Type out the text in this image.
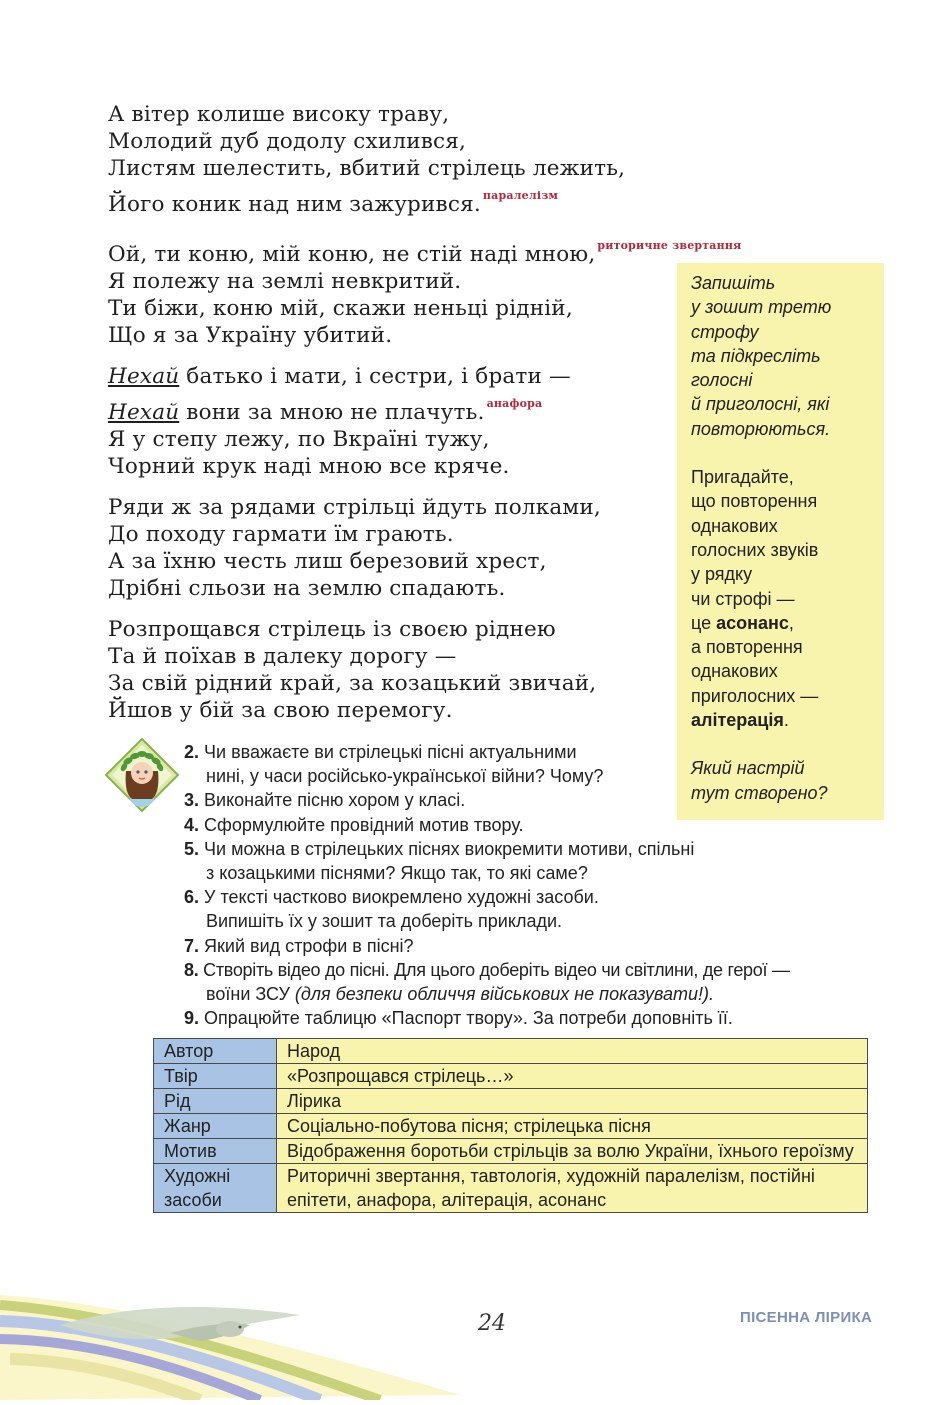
А вітер колише високу траву,
Молодий дуб додолу схилився,
Листям шелестить, вбитий стрілець лежить,
Його коник над ним зажурився. $^{паралелізм}$
Ой, ти коню, мій коню, не стій наді мною, $^{риторичне звертання}$
Я полежу на землі невкритий.
Ти біжи, коню мій, скажи неньці рідній,
Що я за Україну убитий.
Нехай батько і мати, і сестри, і брати —
Нехай вони за мною не плачуть. $^{анафора}$
Я у степу лежу, по Вкраїні тужу,
Чорний крук наді мною все кряче.
Ряди ж за рядами стрільці йдуть полками,
До походу гармати їм грають.
А за їхню честь лиш березовий хрест,
Дрібні сльози на землю спадають.
Розпрощався стрілець із своєю ріднею
Та й поїхав в далеку дорогу —
За свій рідний край, за козацький звичай,
Йшов у бій за свою перемогу.

Запишіть

у зошит третю

строфу

та підкресліть

голосні

й приголосні, які

повторюються.

Пригадайте,

що повторення

однакових

голосних звуків

у рядку

чи строфі —

це асонанс,

а повторення

однакових

приголосних —

алітерація.

Який настрій

тут створено?

2. Чи вважаєте ви стрілецькі пісні актуальними
нині, у часи російсько-української війни? Чому?
3. Виконайте пісню хором у класі.
4. Сформулюйте провідний мотив твору.
5. Чи можна в стрілецьких піснях виокремити мотиви, спільні
з козацькими піснями? Якщо так, то які саме?
6. У тексті частково виокремлено художні засоби.
Випишіть їх у зошит та доберіть приклади.
7. Який вид строфи в пісні?
8. Створіть відео до пісні. Для цього доберіть відео чи світлини, де герої —
воїни ЗСУ (для безпеки обличчя військових не показувати!).
9. Опрацюйте таблицю «Паспорт твору». За потреби доповніть її.
Автор	Народ
Твір	«Розпрощався стрілець…»
Рід	Лірика
Жанр	Соціально-побутова пісня; стрілецька пісня
Мотив	Відображення боротьби стрільців за волю України, їхнього героїзму
Художні засоби	Риторичні звертання, тавтологія, художній паралелізм, постійні епітети, анафора, алітерація, асонанс
24	ПІСЕННА ЛІРИКА
